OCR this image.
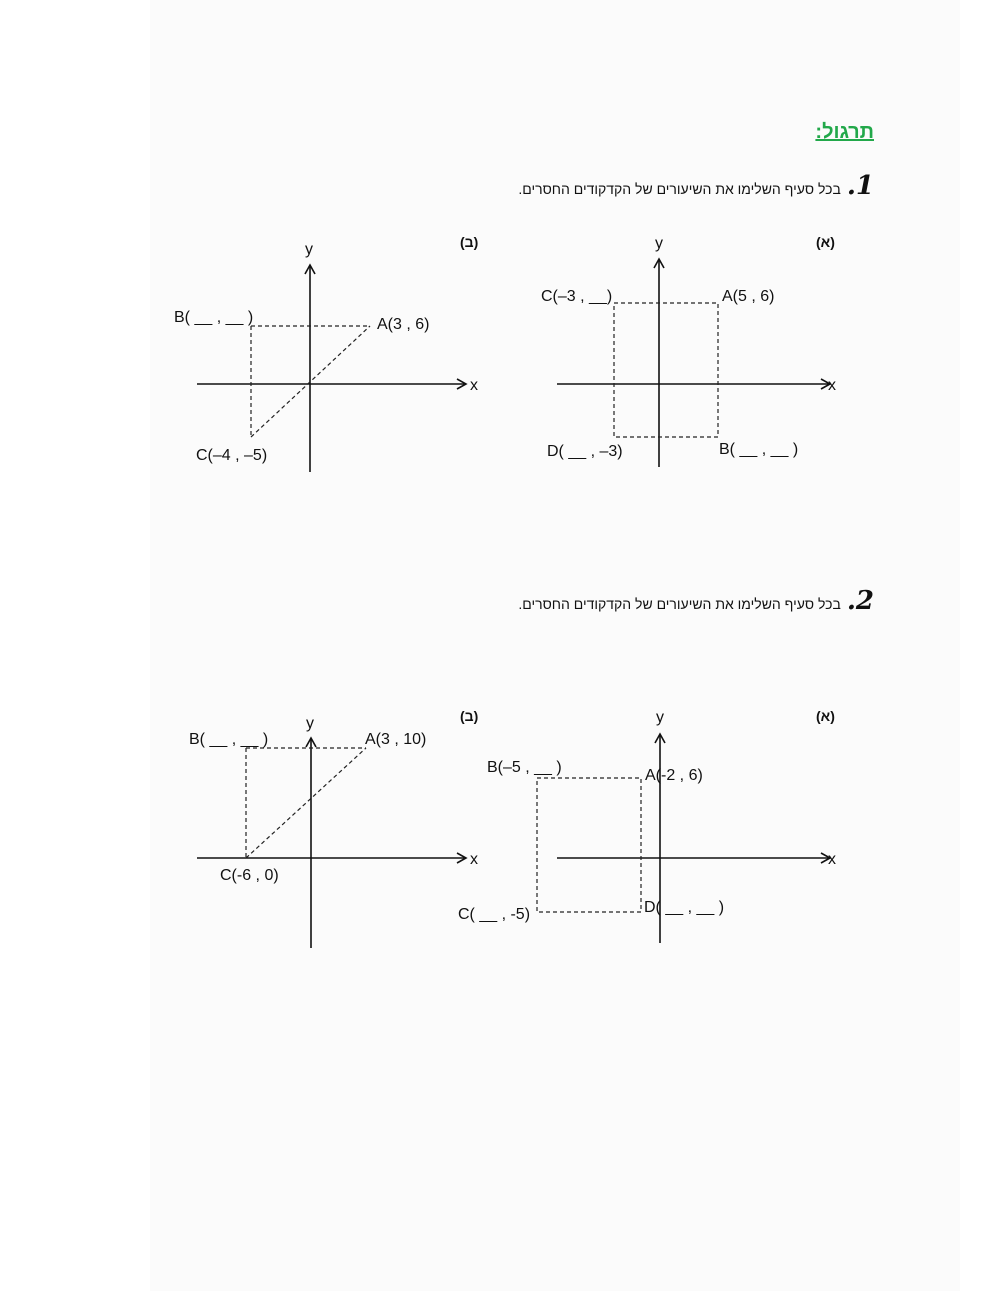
תרגול:
1.
בכל סעיף השלימו את השיעורים של הקדקודים החסרים.
(א)
(ב)
2.
בכל סעיף השלימו את השיעורים של הקדקודים החסרים.
(א)
(ב)
x
y
C(–3 , __)	A(5 , 6)
D( __ , –3)	B( __ , __ )
x
y
B( __ , __ )	A(3 , 6)
C(–4 , –5)
x
y
B(–5 , __ )	A(-2 , 6)
C( __ , -5)	D( __ , __ )
x
y
B( __ , __ )	A(3 , 10)
C(-6 , 0)
